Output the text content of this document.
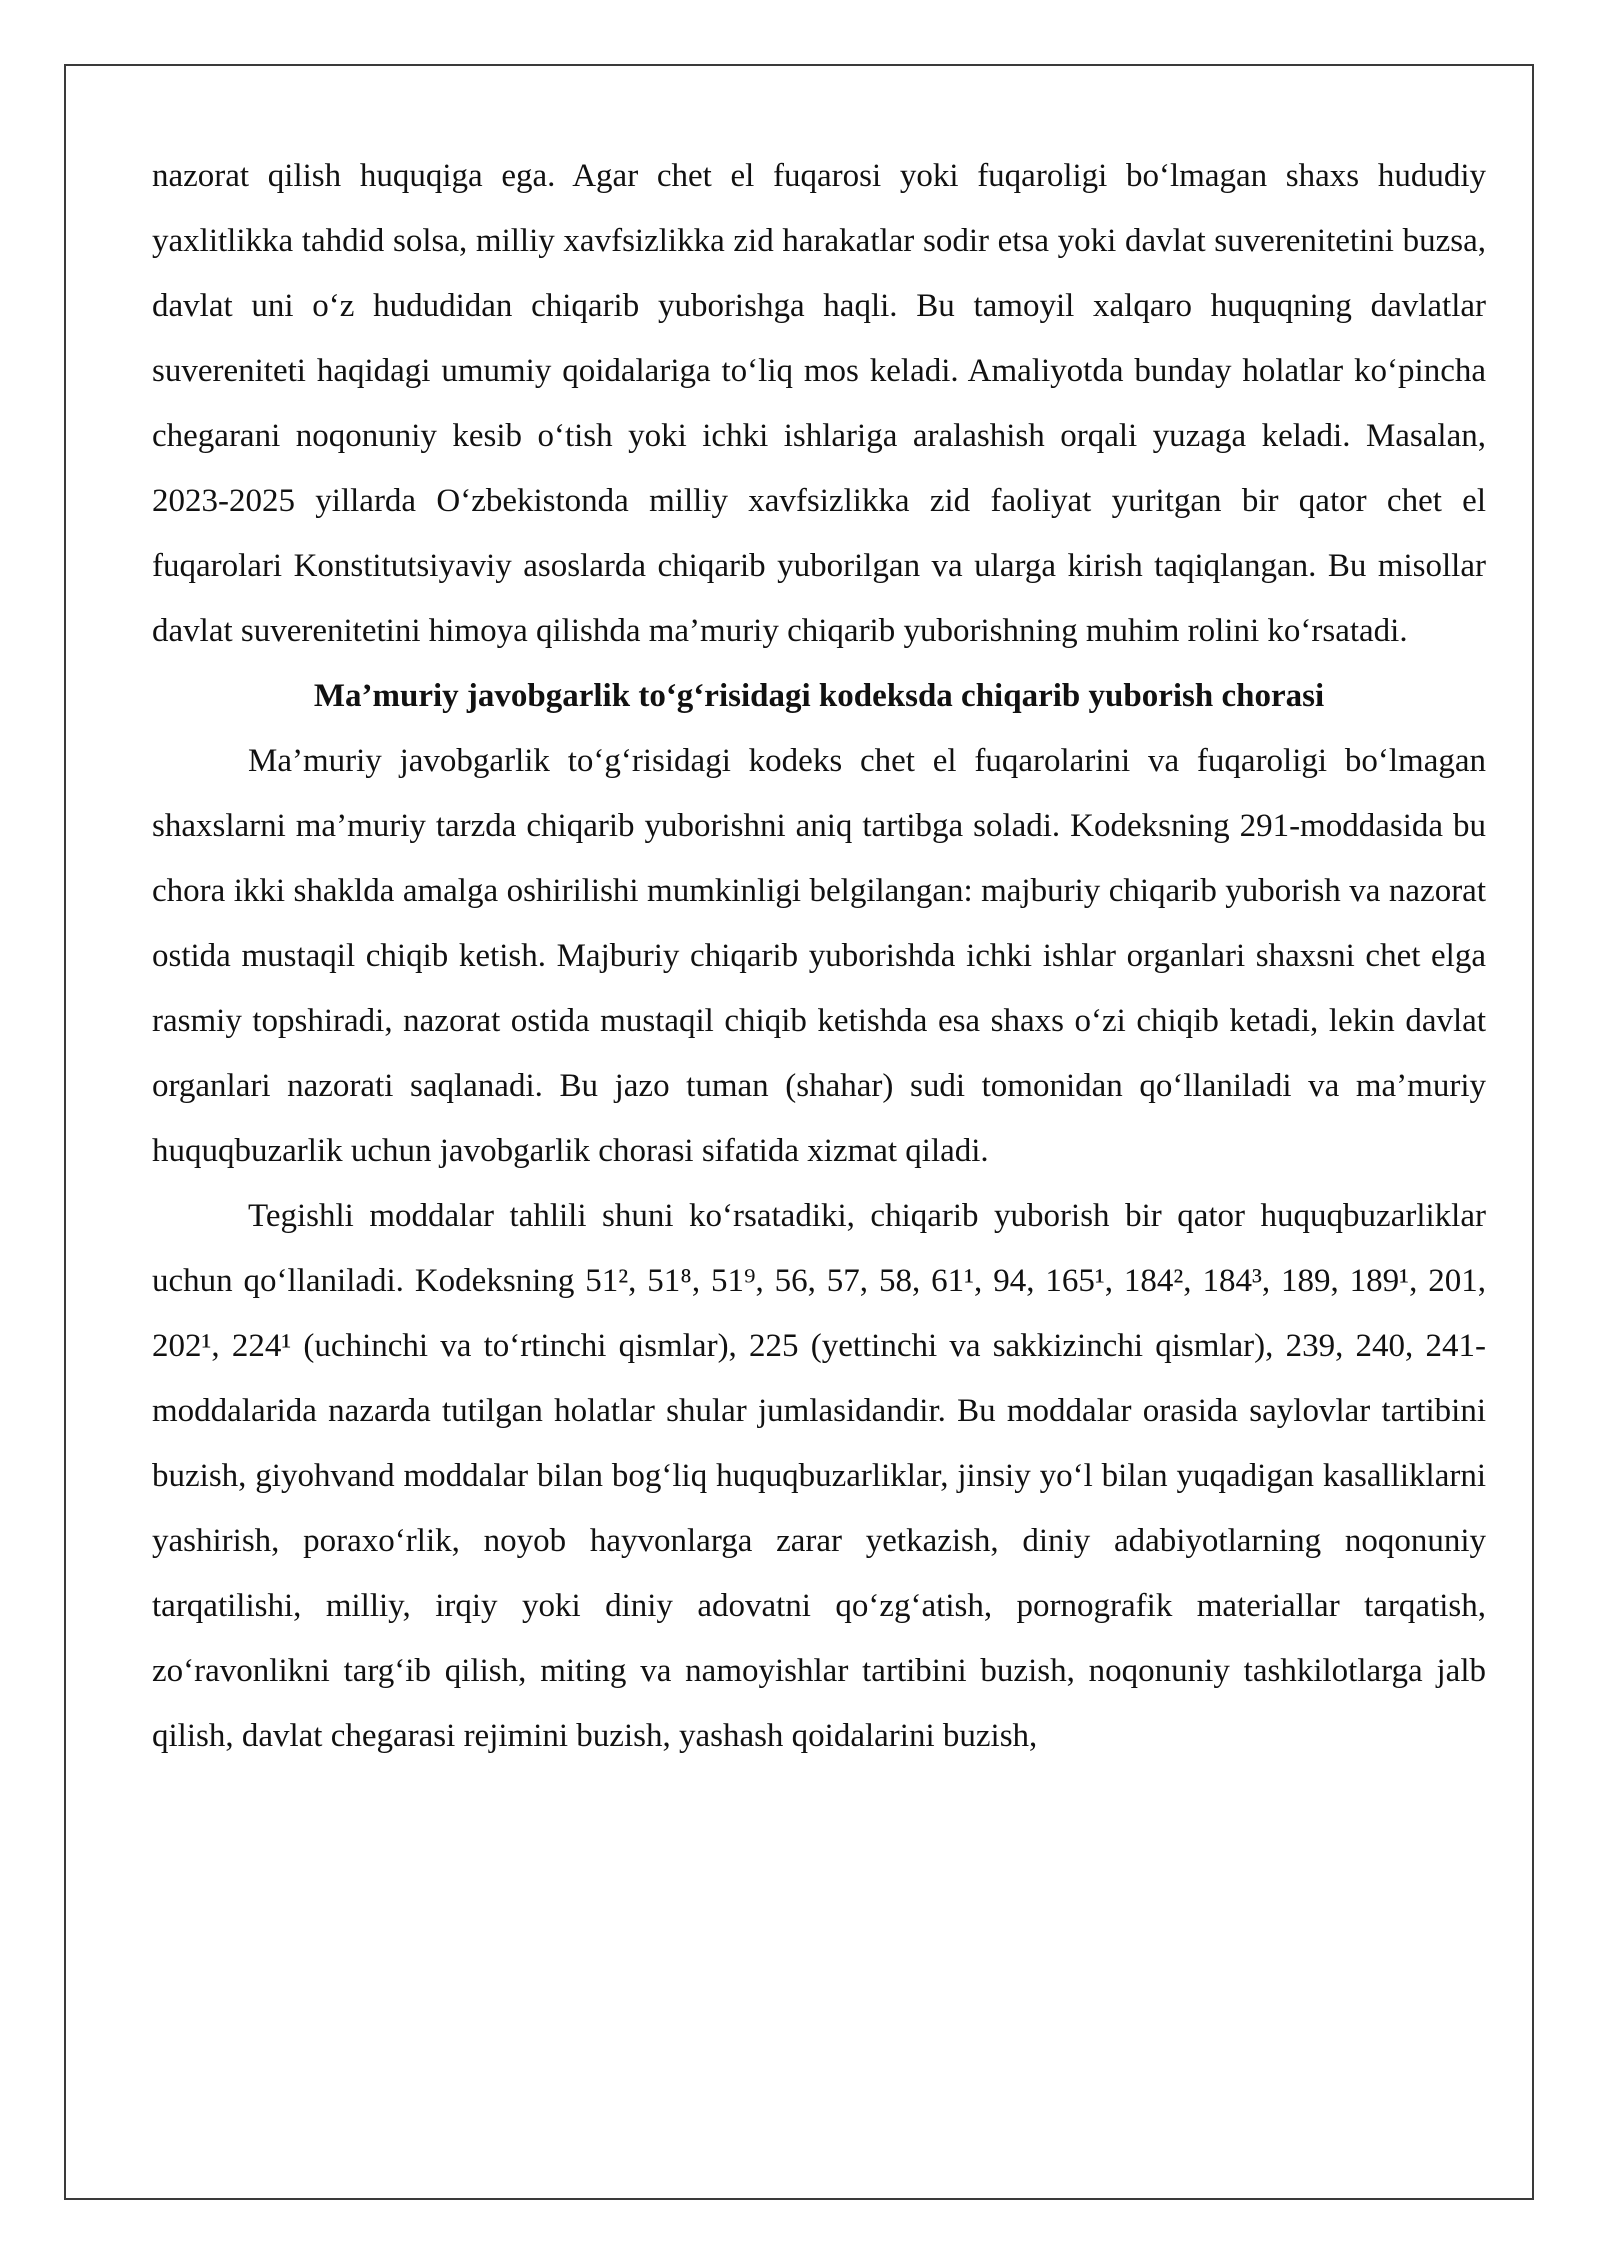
nazorat qilish huquqiga ega. Agar chet el fuqarosi yoki fuqaroligi bo‘lmagan shaxs hududiy yaxlitlikka tahdid solsa, milliy xavfsizlikka zid harakatlar sodir etsa yoki davlat suverenitetini buzsa, davlat uni o‘z hududidan chiqarib yuborishga haqli. Bu tamoyil xalqaro huquqning davlatlar suvereniteti haqidagi umumiy qoidalariga to‘liq mos keladi. Amaliyotda bunday holatlar ko‘pincha chegarani noqonuniy kesib o‘tish yoki ichki ishlariga aralashish orqali yuzaga keladi. Masalan, 2023-2025 yillarda O‘zbekistonda milliy xavfsizlikka zid faoliyat yuritgan bir qator chet el fuqarolari Konstitutsiyaviy asoslarda chiqarib yuborilgan va ularga kirish taqiqlangan. Bu misollar davlat suverenitetini himoya qilishda ma’muriy chiqarib yuborishning muhim rolini ko‘rsatadi.

Ma’muriy javobgarlik to‘g‘risidagi kodeksda chiqarib yuborish chorasi

Ma’muriy javobgarlik to‘g‘risidagi kodeks chet el fuqarolarini va fuqaroligi bo‘lmagan shaxslarni ma’muriy tarzda chiqarib yuborishni aniq tartibga soladi. Kodeksning 291-moddasida bu chora ikki shaklda amalga oshirilishi mumkinligi belgilangan: majburiy chiqarib yuborish va nazorat ostida mustaqil chiqib ketish. Majburiy chiqarib yuborishda ichki ishlar organlari shaxsni chet elga rasmiy topshiradi, nazorat ostida mustaqil chiqib ketishda esa shaxs o‘zi chiqib ketadi, lekin davlat organlari nazorati saqlanadi. Bu jazo tuman (shahar) sudi tomonidan qo‘llaniladi va ma’muriy huquqbuzarlik uchun javobgarlik chorasi sifatida xizmat qiladi.

Tegishli moddalar tahlili shuni ko‘rsatadiki, chiqarib yuborish bir qator huquqbuzarliklar uchun qo‘llaniladi. Kodeksning 51², 51⁸, 51⁹, 56, 57, 58, 61¹, 94, 165¹, 184², 184³, 189, 189¹, 201, 202¹, 224¹ (uchinchi va to‘rtinchi qismlar), 225 (yettinchi va sakkizinchi qismlar), 239, 240, 241-moddalarida nazarda tutilgan holatlar shular jumlasidandir. Bu moddalar orasida saylovlar tartibini buzish, giyohvand moddalar bilan bog‘liq huquqbuzarliklar, jinsiy yo‘l bilan yuqadigan kasalliklarni yashirish, poraxo‘rlik, noyob hayvonlarga zarar yetkazish, diniy adabiyotlarning noqonuniy tarqatilishi, milliy, irqiy yoki diniy adovatni qo‘zg‘atish, pornografik materiallar tarqatish, zo‘ravonlikni targ‘ib qilish, miting va namoyishlar tartibini buzish, noqonuniy tashkilotlarga jalb qilish, davlat chegarasi rejimini buzish, yashash qoidalarini buzish,
